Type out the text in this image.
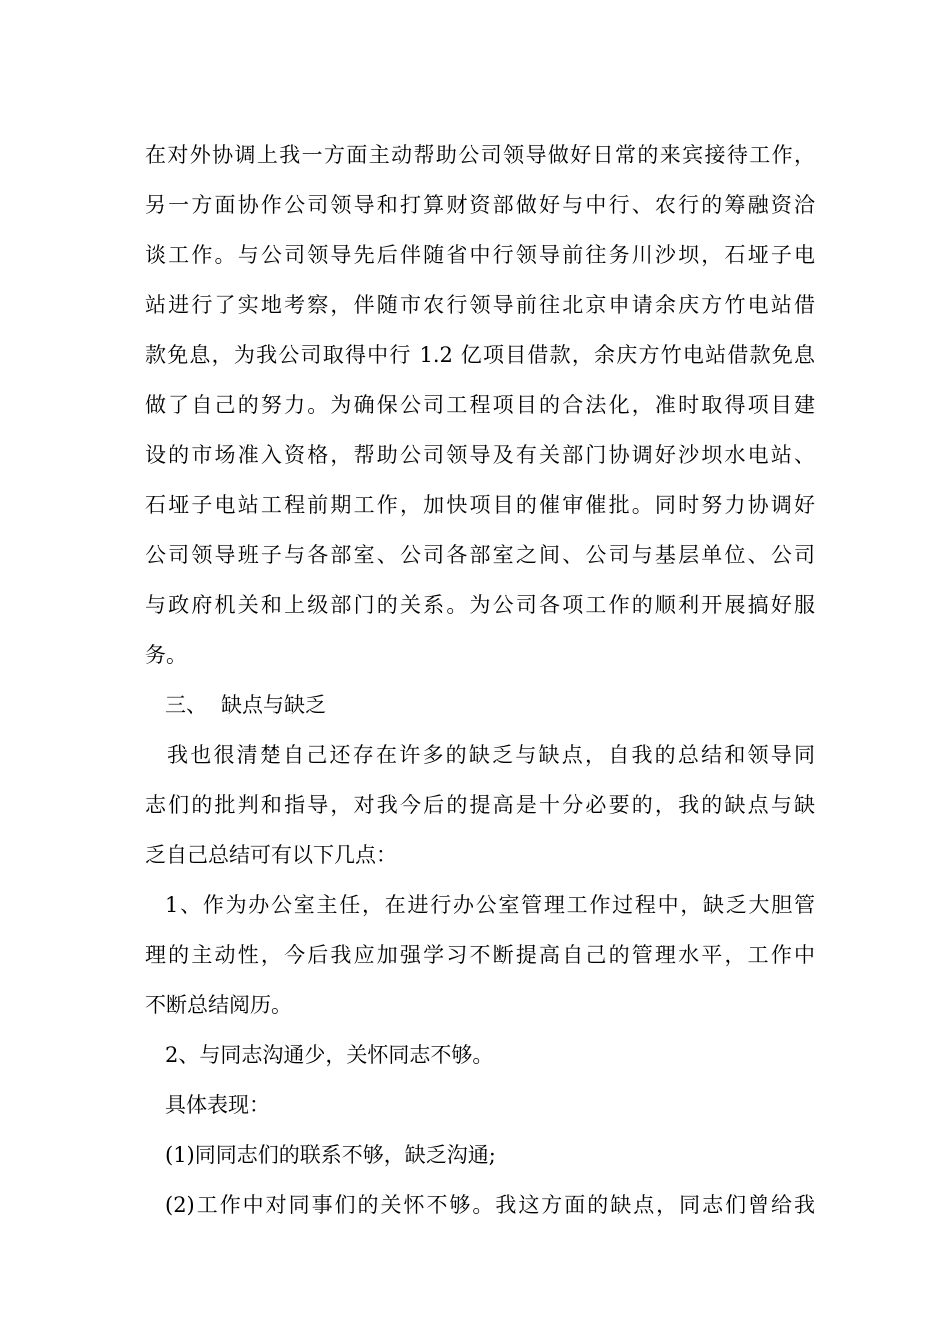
在对外协调上我一方面主动帮助公司领导做好日常的来宾接待工作，
另一方面协作公司领导和打算财资部做好与中行、农行的筹融资洽
谈工作。与公司领导先后伴随省中行领导前往务川沙坝，石垭子电
站进行了实地考察，伴随市农行领导前往北京申请余庆方竹电站借
款免息，为我公司取得中行 1.2 亿项目借款，余庆方竹电站借款免息
做了自己的努力。为确保公司工程项目的合法化，准时取得项目建
设的市场准入资格，帮助公司领导及有关部门协调好沙坝水电站、
石垭子电站工程前期工作，加快项目的催审催批。同时努力协调好
公司领导班子与各部室、公司各部室之间、公司与基层单位、公司
与政府机关和上级部门的关系。为公司各项工作的顺利开展搞好服
务。
三、 缺点与缺乏
我也很清楚自己还存在许多的缺乏与缺点，自我的总结和领导同
志们的批判和指导，对我今后的提高是十分必要的，我的缺点与缺
乏自己总结可有以下几点：
1、作为办公室主任，在进行办公室管理工作过程中，缺乏大胆管
理的主动性，今后我应加强学习不断提高自己的管理水平，工作中
不断总结阅历。
2、与同志沟通少，关怀同志不够。
具体表现：
(1)同同志们的联系不够，缺乏沟通;
(2)工作中对同事们的关怀不够。我这方面的缺点，同志们曾给我
